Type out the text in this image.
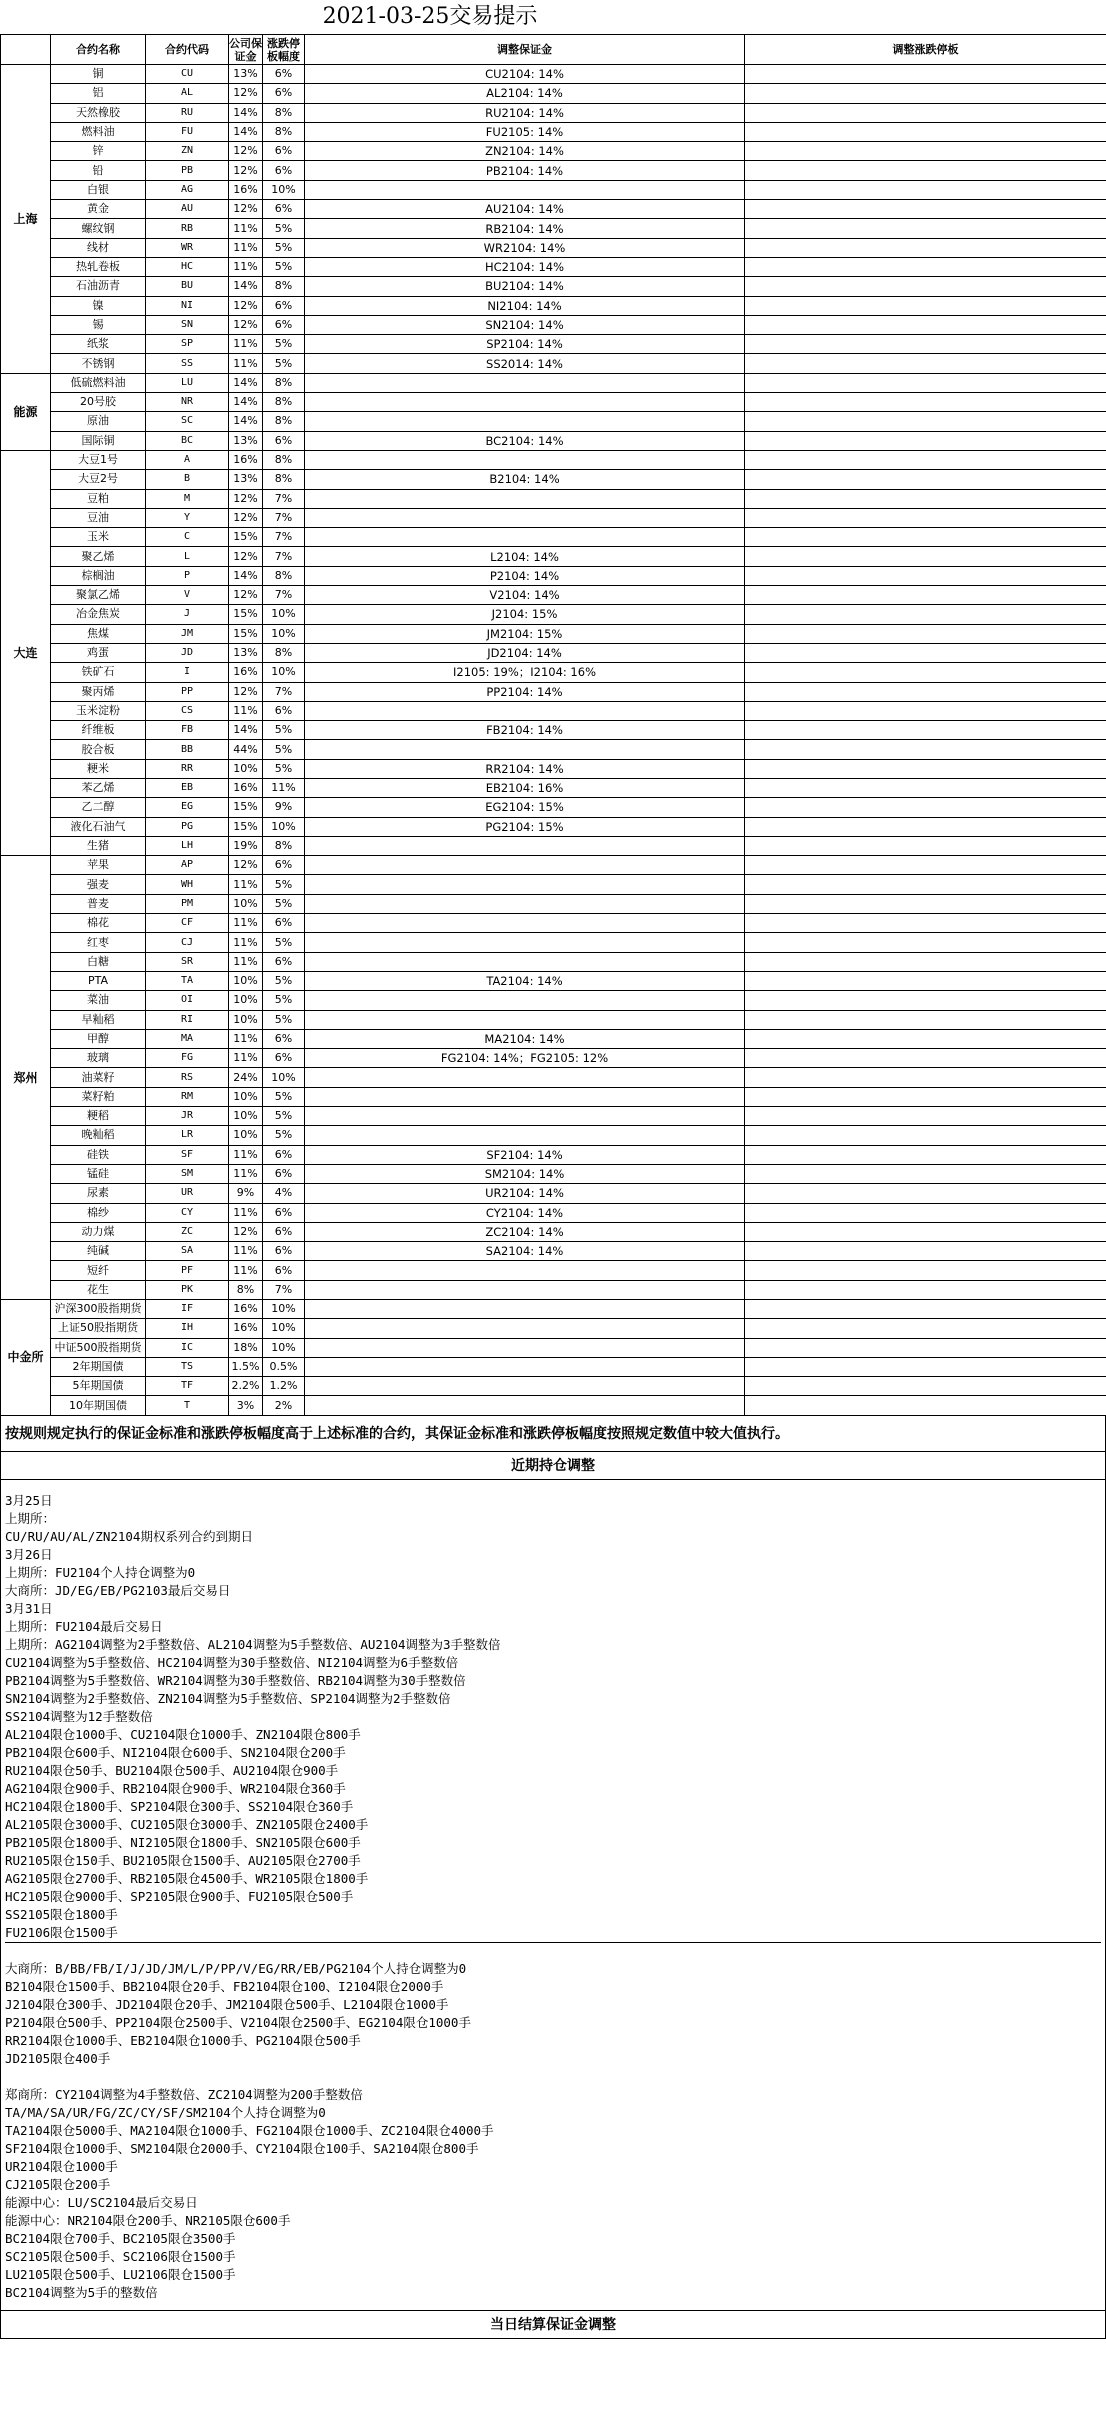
2021-03-25交易提示
	合约名称	合约代码	公司保证金	涨跌停板幅度	调整保证金	调整涨跌停板
上海	铜	CU	13%	6%	CU2104: 14%	
	铝	AL	12%	6%	AL2104: 14%	
	天然橡胶	RU	14%	8%	RU2104: 14%	
	燃料油	FU	14%	8%	FU2105: 14%	
	锌	ZN	12%	6%	ZN2104: 14%	
	铅	PB	12%	6%	PB2104: 14%	
	白银	AG	16%	10%		
	黄金	AU	12%	6%	AU2104: 14%	
	螺纹钢	RB	11%	5%	RB2104: 14%	
	线材	WR	11%	5%	WR2104: 14%	
	热轧卷板	HC	11%	5%	HC2104: 14%	
	石油沥青	BU	14%	8%	BU2104: 14%	
	镍	NI	12%	6%	NI2104: 14%	
	锡	SN	12%	6%	SN2104: 14%	
	纸浆	SP	11%	5%	SP2104: 14%	
	不锈钢	SS	11%	5%	SS2014: 14%	
能源	低硫燃料油	LU	14%	8%		
	20号胶	NR	14%	8%		
	原油	SC	14%	8%		
	国际铜	BC	13%	6%	BC2104: 14%	
大连	大豆1号	A	16%	8%		
	大豆2号	B	13%	8%	B2104: 14%	
	豆粕	M	12%	7%		
	豆油	Y	12%	7%		
	玉米	C	15%	7%		
	聚乙烯	L	12%	7%	L2104: 14%	
	棕榈油	P	14%	8%	P2104: 14%	
	聚氯乙烯	V	12%	7%	V2104: 14%	
	冶金焦炭	J	15%	10%	J2104: 15%	
	焦煤	JM	15%	10%	JM2104: 15%	
	鸡蛋	JD	13%	8%	JD2104: 14%	
	铁矿石	I	16%	10%	I2105: 19%；I2104: 16%	
	聚丙烯	PP	12%	7%	PP2104: 14%	
	玉米淀粉	CS	11%	6%		
	纤维板	FB	14%	5%	FB2104: 14%	
	胶合板	BB	44%	5%		
	粳米	RR	10%	5%	RR2104: 14%	
	苯乙烯	EB	16%	11%	EB2104: 16%	
	乙二醇	EG	15%	9%	EG2104: 15%	
	液化石油气	PG	15%	10%	PG2104: 15%	
	生猪	LH	19%	8%		
郑州	苹果	AP	12%	6%		
	强麦	WH	11%	5%		
	普麦	PM	10%	5%		
	棉花	CF	11%	6%		
	红枣	CJ	11%	5%		
	白糖	SR	11%	6%		
	PTA	TA	10%	5%	TA2104: 14%	
	菜油	OI	10%	5%		
	早籼稻	RI	10%	5%		
	甲醇	MA	11%	6%	MA2104: 14%	
	玻璃	FG	11%	6%	FG2104: 14%；FG2105: 12%	
	油菜籽	RS	24%	10%		
	菜籽粕	RM	10%	5%		
	粳稻	JR	10%	5%		
	晚籼稻	LR	10%	5%		
	硅铁	SF	11%	6%	SF2104: 14%	
	锰硅	SM	11%	6%	SM2104: 14%	
	尿素	UR	9%	4%	UR2104: 14%	
	棉纱	CY	11%	6%	CY2104: 14%	
	动力煤	ZC	12%	6%	ZC2104: 14%	
	纯碱	SA	11%	6%	SA2104: 14%	
	短纤	PF	11%	6%		
	花生	PK	8%	7%		
中金所	沪深300股指期货	IF	16%	10%		
	上证50股指期货	IH	16%	10%		
	中证500股指期货	IC	18%	10%		
	2年期国债	TS	1.5%	0.5%		
	5年期国债	TF	2.2%	1.2%		
	10年期国债	T	3%	2%		
按规则规定执行的保证金标准和涨跌停板幅度高于上述标准的合约，其保证金标准和涨跌停板幅度按照规定数值中较大值执行。
近期持仓调整
3月25日
上期所：
CU/RU/AU/AL/ZN2104期权系列合约到期日
3月26日
上期所：FU2104个人持仓调整为0
大商所：JD/EG/EB/PG2103最后交易日
3月31日
上期所：FU2104最后交易日
上期所：AG2104调整为2手整数倍、AL2104调整为5手整数倍、AU2104调整为3手整数倍
CU2104调整为5手整数倍、HC2104调整为30手整数倍、NI2104调整为6手整数倍
PB2104调整为5手整数倍、WR2104调整为30手整数倍、RB2104调整为30手整数倍
SN2104调整为2手整数倍、ZN2104调整为5手整数倍、SP2104调整为2手整数倍
SS2104调整为12手整数倍
AL2104限仓1000手、CU2104限仓1000手、ZN2104限仓800手
PB2104限仓600手、NI2104限仓600手、SN2104限仓200手
RU2104限仓50手、BU2104限仓500手、AU2104限仓900手
AG2104限仓900手、RB2104限仓900手、WR2104限仓360手
HC2104限仓1800手、SP2104限仓300手、SS2104限仓360手
AL2105限仓3000手、CU2105限仓3000手、ZN2105限仓2400手
PB2105限仓1800手、NI2105限仓1800手、SN2105限仓600手
RU2105限仓150手、BU2105限仓1500手、AU2105限仓2700手
AG2105限仓2700手、RB2105限仓4500手、WR2105限仓1800手
HC2105限仓9000手、SP2105限仓900手、FU2105限仓500手
SS2105限仓1800手
FU2106限仓1500手
大商所：B/BB/FB/I/J/JD/JM/L/P/PP/V/EG/RR/EB/PG2104个人持仓调整为0
B2104限仓1500手、BB2104限仓20手、FB2104限仓100、I2104限仓2000手
J2104限仓300手、JD2104限仓20手、JM2104限仓500手、L2104限仓1000手
P2104限仓500手、PP2104限仓2500手、V2104限仓2500手、EG2104限仓1000手
RR2104限仓1000手、EB2104限仓1000手、PG2104限仓500手
JD2105限仓400手
郑商所：CY2104调整为4手整数倍、ZC2104调整为200手整数倍
TA/MA/SA/UR/FG/ZC/CY/SF/SM2104个人持仓调整为0
TA2104限仓5000手、MA2104限仓1000手、FG2104限仓1000手、ZC2104限仓4000手
SF2104限仓1000手、SM2104限仓2000手、CY2104限仓100手、SA2104限仓800手
UR2104限仓1000手
CJ2105限仓200手
能源中心：LU/SC2104最后交易日
能源中心：NR2104限仓200手、NR2105限仓600手
BC2104限仓700手、BC2105限仓3500手
SC2105限仓500手、SC2106限仓1500手
LU2105限仓500手、LU2106限仓1500手
BC2104调整为5手的整数倍
当日结算保证金调整
